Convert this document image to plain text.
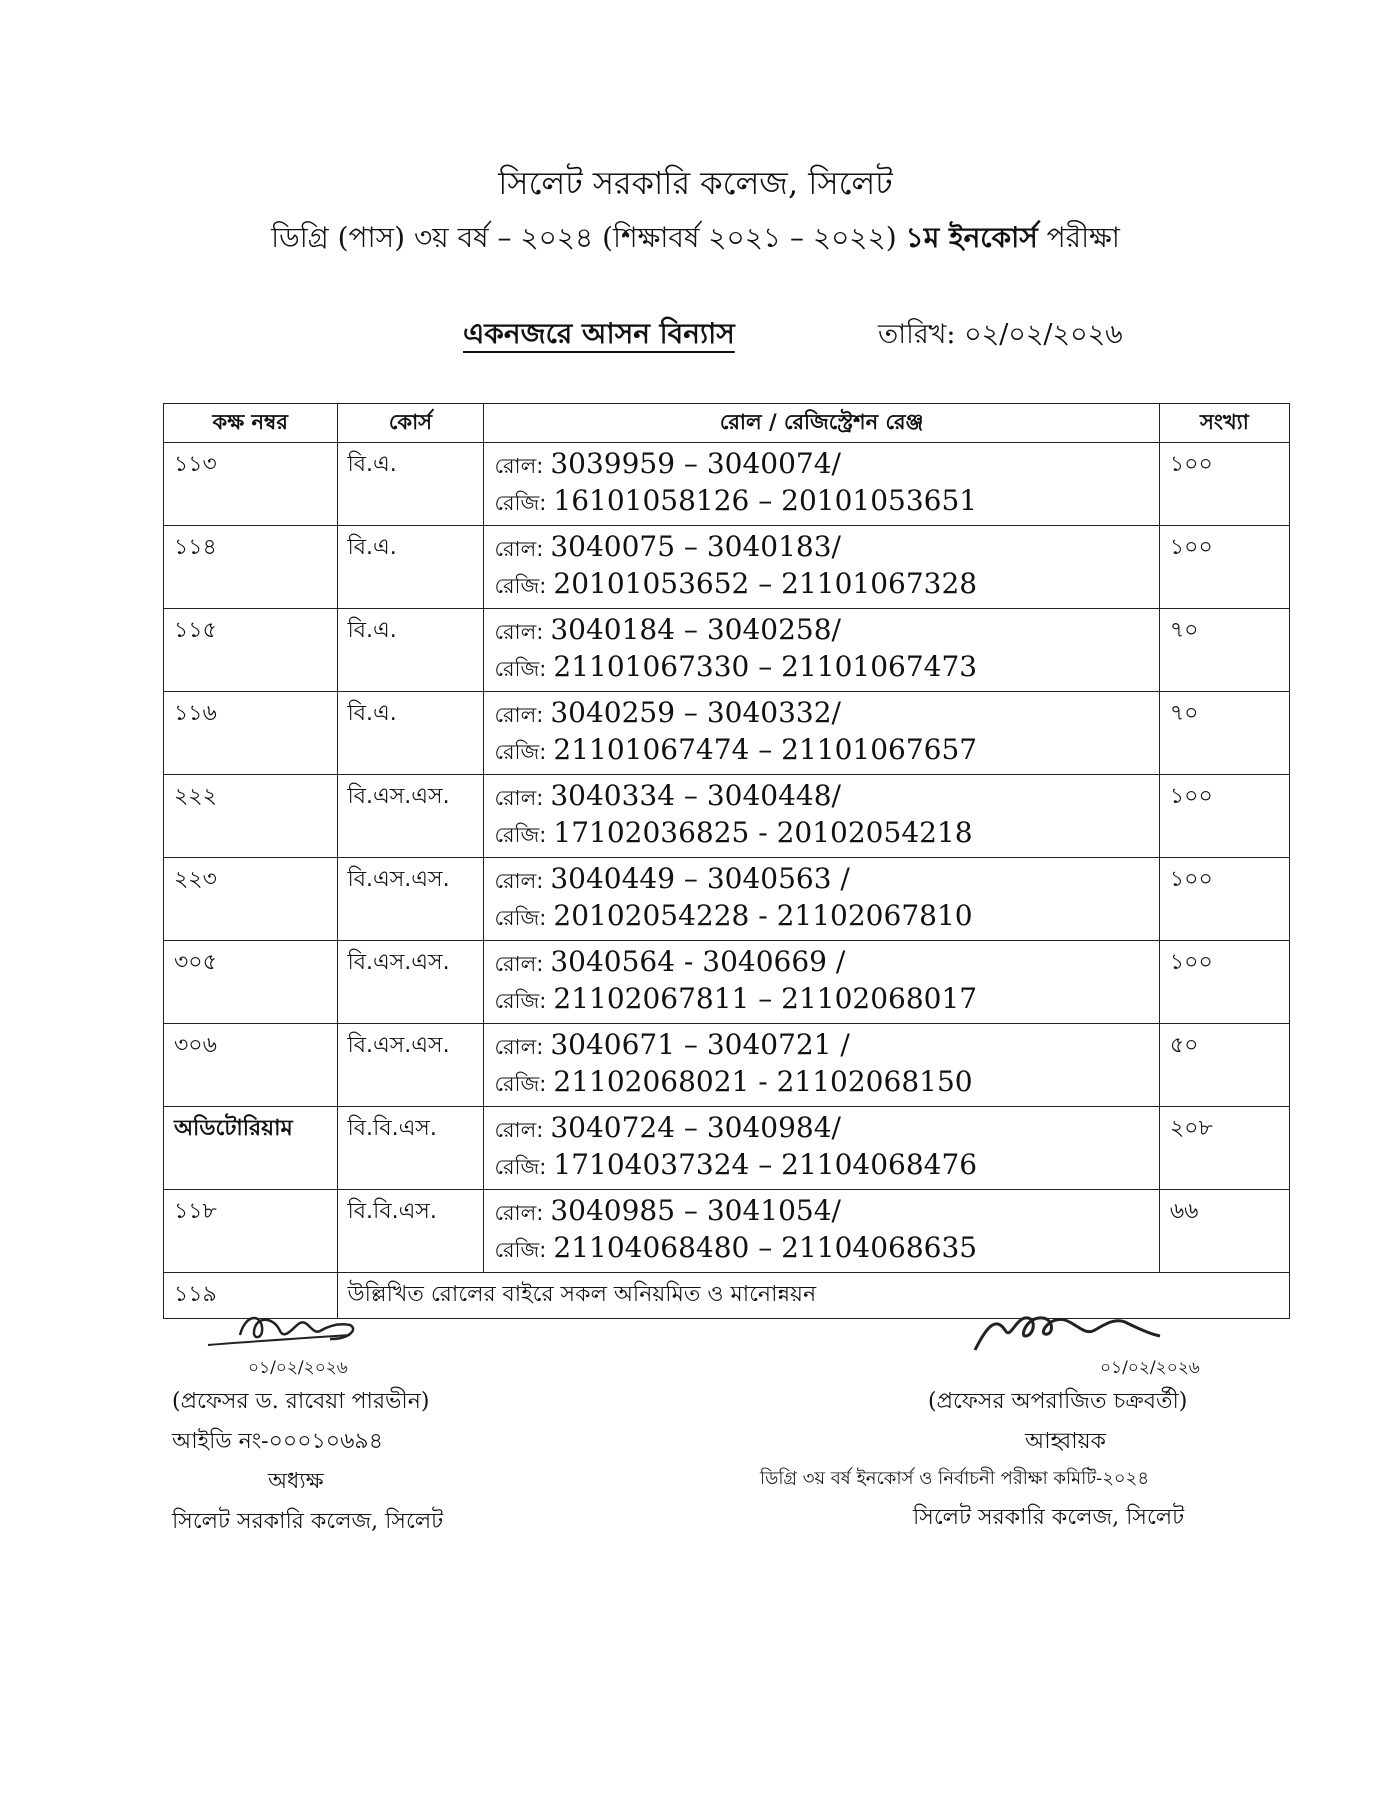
সিলেট সরকারি কলেজ, সিলেট
ডিগ্রি (পাস) ৩য় বর্ষ – ২০২৪ (শিক্ষাবর্ষ ২০২১ – ২০২২) ১ম ইনকোর্স পরীক্ষা
একনজরে আসন বিন্যাস	তারিখ: ০২/০২/২০২৬
কক্ষ নম্বর	কোর্স	রোল / রেজিস্ট্রেশন রেঞ্জ	সংখ্যা
১১৩	বি.এ.	রোল: 3039959 – 3040074/
রেজি: 16101058126 – 20101053651	১০০
১১৪	বি.এ.	রোল: 3040075 – 3040183/
রেজি: 20101053652 – 21101067328	১০০
১১৫	বি.এ.	রোল: 3040184 – 3040258/
রেজি: 21101067330 – 21101067473	৭০
১১৬	বি.এ.	রোল: 3040259 – 3040332/
রেজি: 21101067474 – 21101067657	৭০
২২২	বি.এস.এস.	রোল: 3040334 – 3040448/
রেজি: 17102036825 - 20102054218	১০০
২২৩	বি.এস.এস.	রোল: 3040449 – 3040563 /
রেজি: 20102054228 - 21102067810	১০০
৩০৫	বি.এস.এস.	রোল: 3040564 - 3040669 /
রেজি: 21102067811 – 21102068017	১০০
৩০৬	বি.এস.এস.	রোল: 3040671 – 3040721 /
রেজি: 21102068021 - 21102068150	৫০
অডিটোরিয়াম	বি.বি.এস.	রোল: 3040724 – 3040984/
রেজি: 17104037324 – 21104068476	২০৮
১১৮	বি.বি.এস.	রোল: 3040985 – 3041054/
রেজি: 21104068480 – 21104068635	৬৬
১১৯	উল্লিখিত রোলের বাইরে সকল অনিয়মিত ও মানোন্নয়ন		
০১/০২/২০২৬
(প্রফেসর ড. রাবেয়া পারভীন)
আইডি নং-০০০১০৬৯৪
অধ্যক্ষ
সিলেট সরকারি কলেজ, সিলেট
০১/০২/২০২৬
(প্রফেসর অপরাজিত চক্রবর্তী)
আহ্বায়ক
ডিগ্রি ৩য় বর্ষ ইনকোর্স ও নির্বাচনী পরীক্ষা কমিটি-২০২৪
সিলেট সরকারি কলেজ, সিলেট
